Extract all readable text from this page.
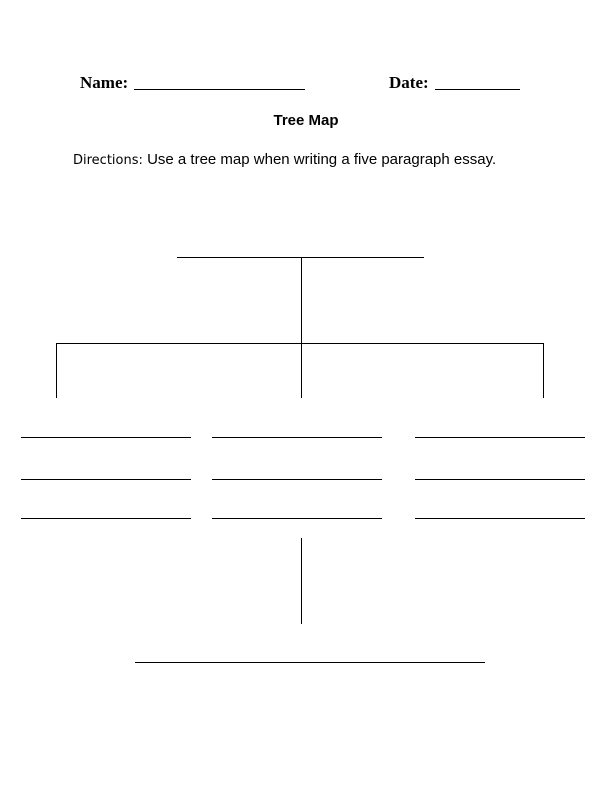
Name:	Date:
Tree Map
Directions: Use a tree map when writing a five paragraph essay.
